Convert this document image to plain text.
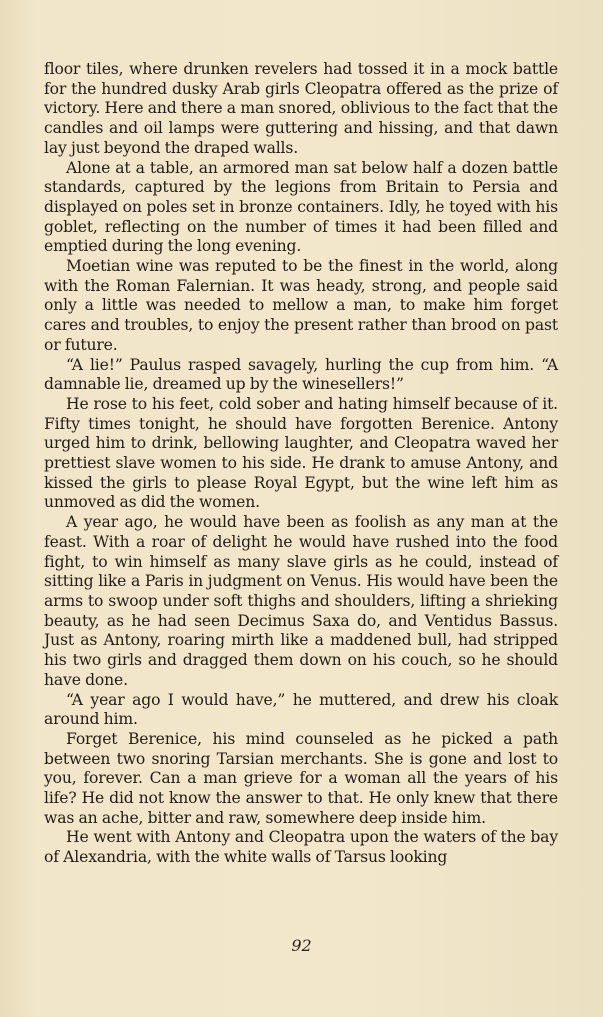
floor tiles, where drunken revelers had tossed it in a mock battle for the hundred dusky Arab girls Cleopatra offered as the prize of victory. Here and there a man snored, oblivious to the fact that the candles and oil lamps were guttering and hissing, and that dawn lay just beyond the draped walls.

Alone at a table, an armored man sat below half a dozen battle standards, captured by the legions from Britain to Persia and displayed on poles set in bronze containers. Idly, he toyed with his goblet, reflecting on the number of times it had been filled and emptied during the long evening.

Moetian wine was reputed to be the finest in the world, along with the Roman Falernian. It was heady, strong, and people said only a little was needed to mellow a man, to make him forget cares and troubles, to enjoy the present rather than brood on past or future.

“A lie!” Paulus rasped savagely, hurling the cup from him. “A damnable lie, dreamed up by the winesellers!”

He rose to his feet, cold sober and hating himself because of it. Fifty times tonight, he should have forgotten Berenice. Antony urged him to drink, bellowing laughter, and Cleopatra waved her prettiest slave women to his side. He drank to amuse Antony, and kissed the girls to please Royal Egypt, but the wine left him as unmoved as did the women.

A year ago, he would have been as foolish as any man at the feast. With a roar of delight he would have rushed into the food fight, to win himself as many slave girls as he could, instead of sitting like a Paris in judgment on Venus. His would have been the arms to swoop under soft thighs and shoulders, lifting a shrieking beauty, as he had seen Decimus Saxa do, and Ventidus Bassus. Just as Antony, roaring mirth like a maddened bull, had stripped his two girls and dragged them down on his couch, so he should have done.

“A year ago I would have,” he muttered, and drew his cloak around him.

Forget Berenice, his mind counseled as he picked a path between two snoring Tarsian merchants. She is gone and lost to you, forever. Can a man grieve for a woman all the years of his life? He did not know the answer to that. He only knew that there was an ache, bitter and raw, somewhere deep inside him.

He went with Antony and Cleopatra upon the waters of the bay of Alexandria, with the white walls of Tarsus looking

92
